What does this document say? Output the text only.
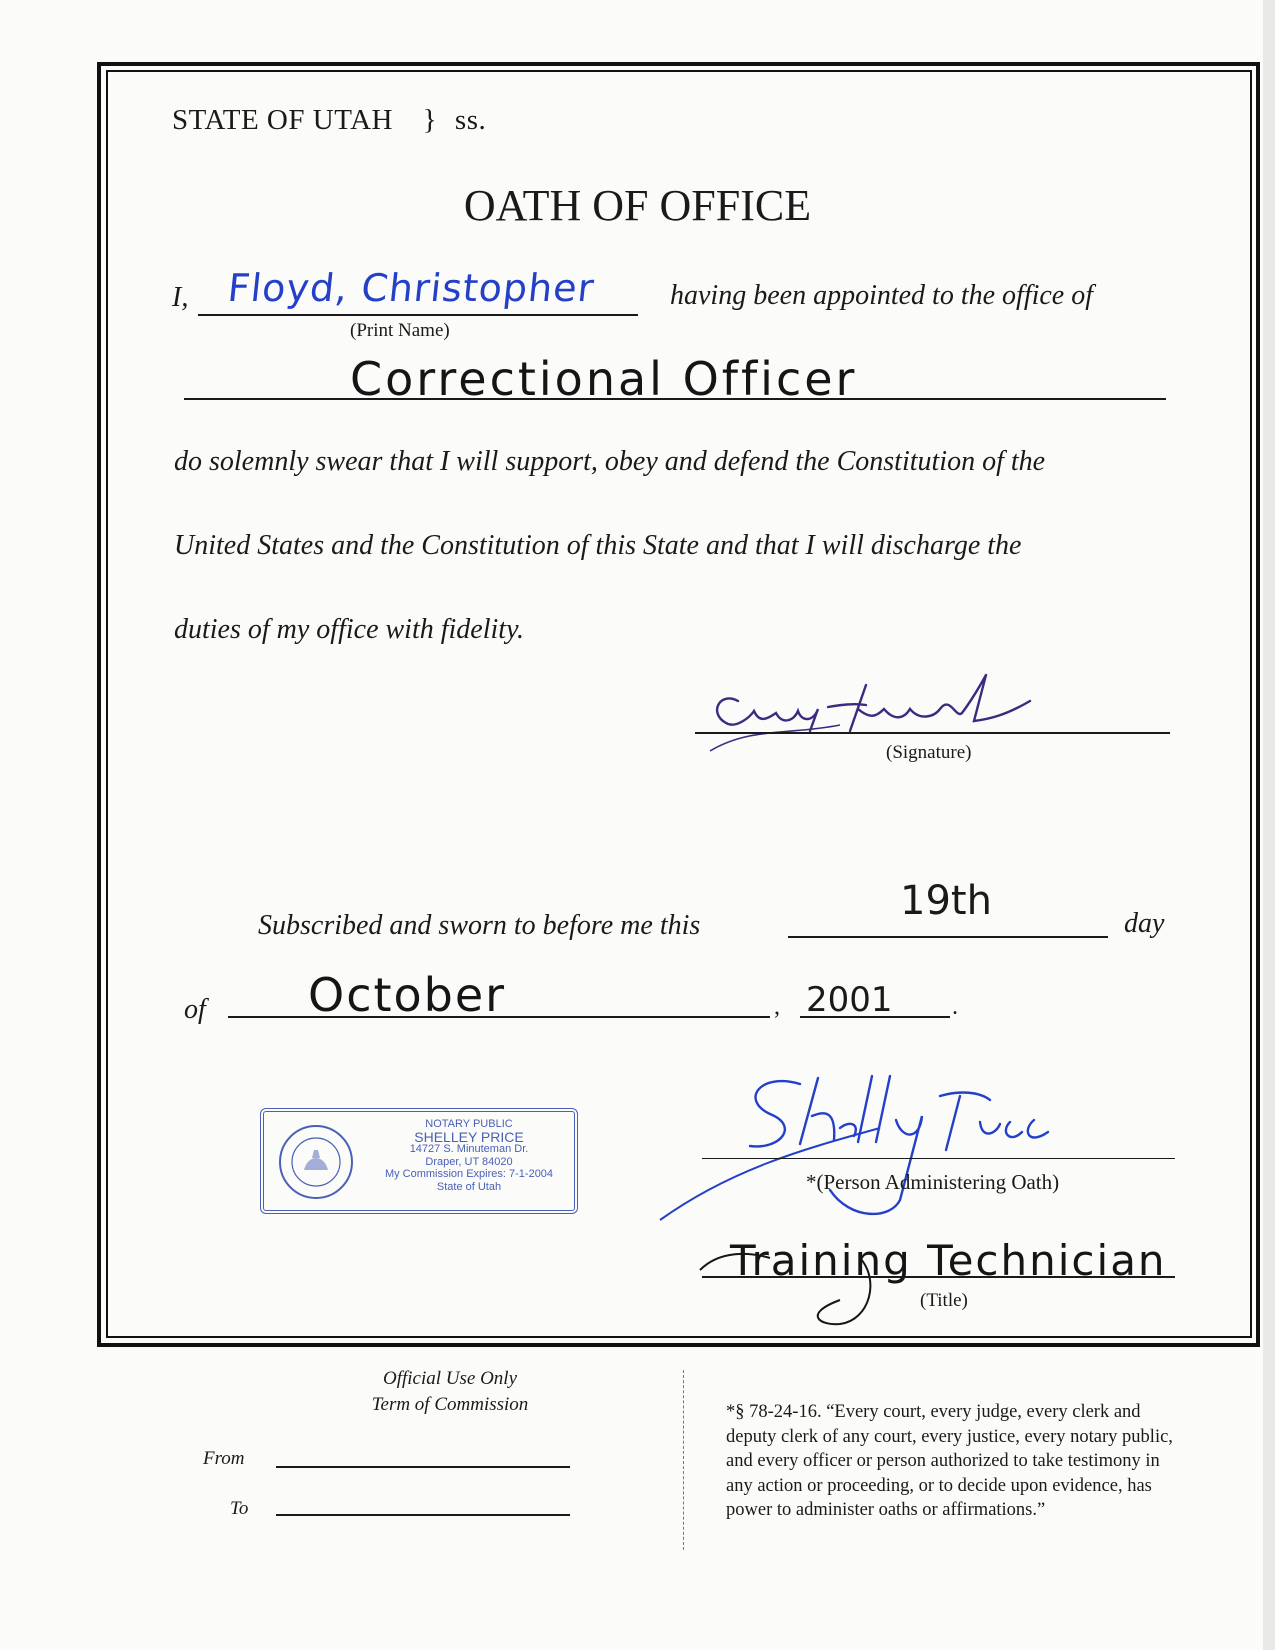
STATE OF UTAH } ss.
OATH OF OFFICE
I, Floyd, Christopher
(Print Name)
having been appointed to the office of
Correctional Officer
do solemnly swear that I will support, obey and defend the Constitution of the
United States and the Constitution of this State and that I will discharge the
duties of my office with fidelity.
(Signature)
Subscribed and sworn to before me this
19th	day
of October	, 2001 .
NOTARY PUBLIC
SHELLEY PRICE
14727 S. Minuteman Dr.
Draper, UT 84020
My Commission Expires: 7-1-2004
State of Utah	*(Person Administering Oath)
Training Technician
(Title)
Official Use Only
Term of Commission
From
To
*§ 78-24-16. “Every court, every judge, every clerk and
deputy clerk of any court, every justice, every notary public,
and every officer or person authorized to take testimony in
any action or proceeding, or to decide upon evidence, has
power to administer oaths or affirmations.”
